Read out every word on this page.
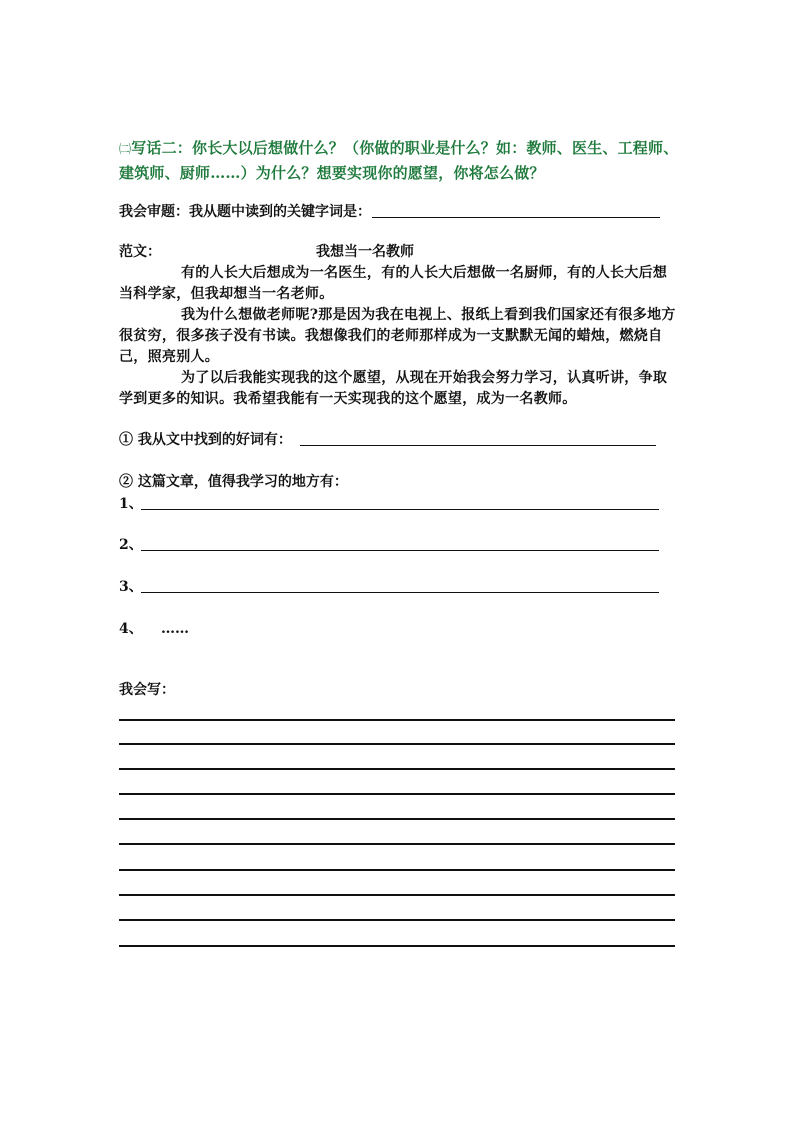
㈡写话二：你长大以后想做什么？（你做的职业是什么？如：教师、医生、工程师、建筑师、厨师……）为什么？想要实现你的愿望，你将怎么做？
我会审题：我从题中读到的关键字词是：
范文：	我想当一名教师
有的人长大后想成为一名医生，有的人长大后想做一名厨师，有的人长大后想当科学家，但我却想当一名老师。
我为什么想做老师呢?那是因为我在电视上、报纸上看到我们国家还有很多地方很贫穷，很多孩子没有书读。我想像我们的老师那样成为一支默默无闻的蜡烛，燃烧自己，照亮别人。
为了以后我能实现我的这个愿望，从现在开始我会努力学习，认真听讲，争取学到更多的知识。我希望我能有一天实现我的这个愿望，成为一名教师。
① 我从文中找到的好词有：
② 这篇文章，值得我学习的地方有：
1、
2、
3、
4、 ……
我会写：
